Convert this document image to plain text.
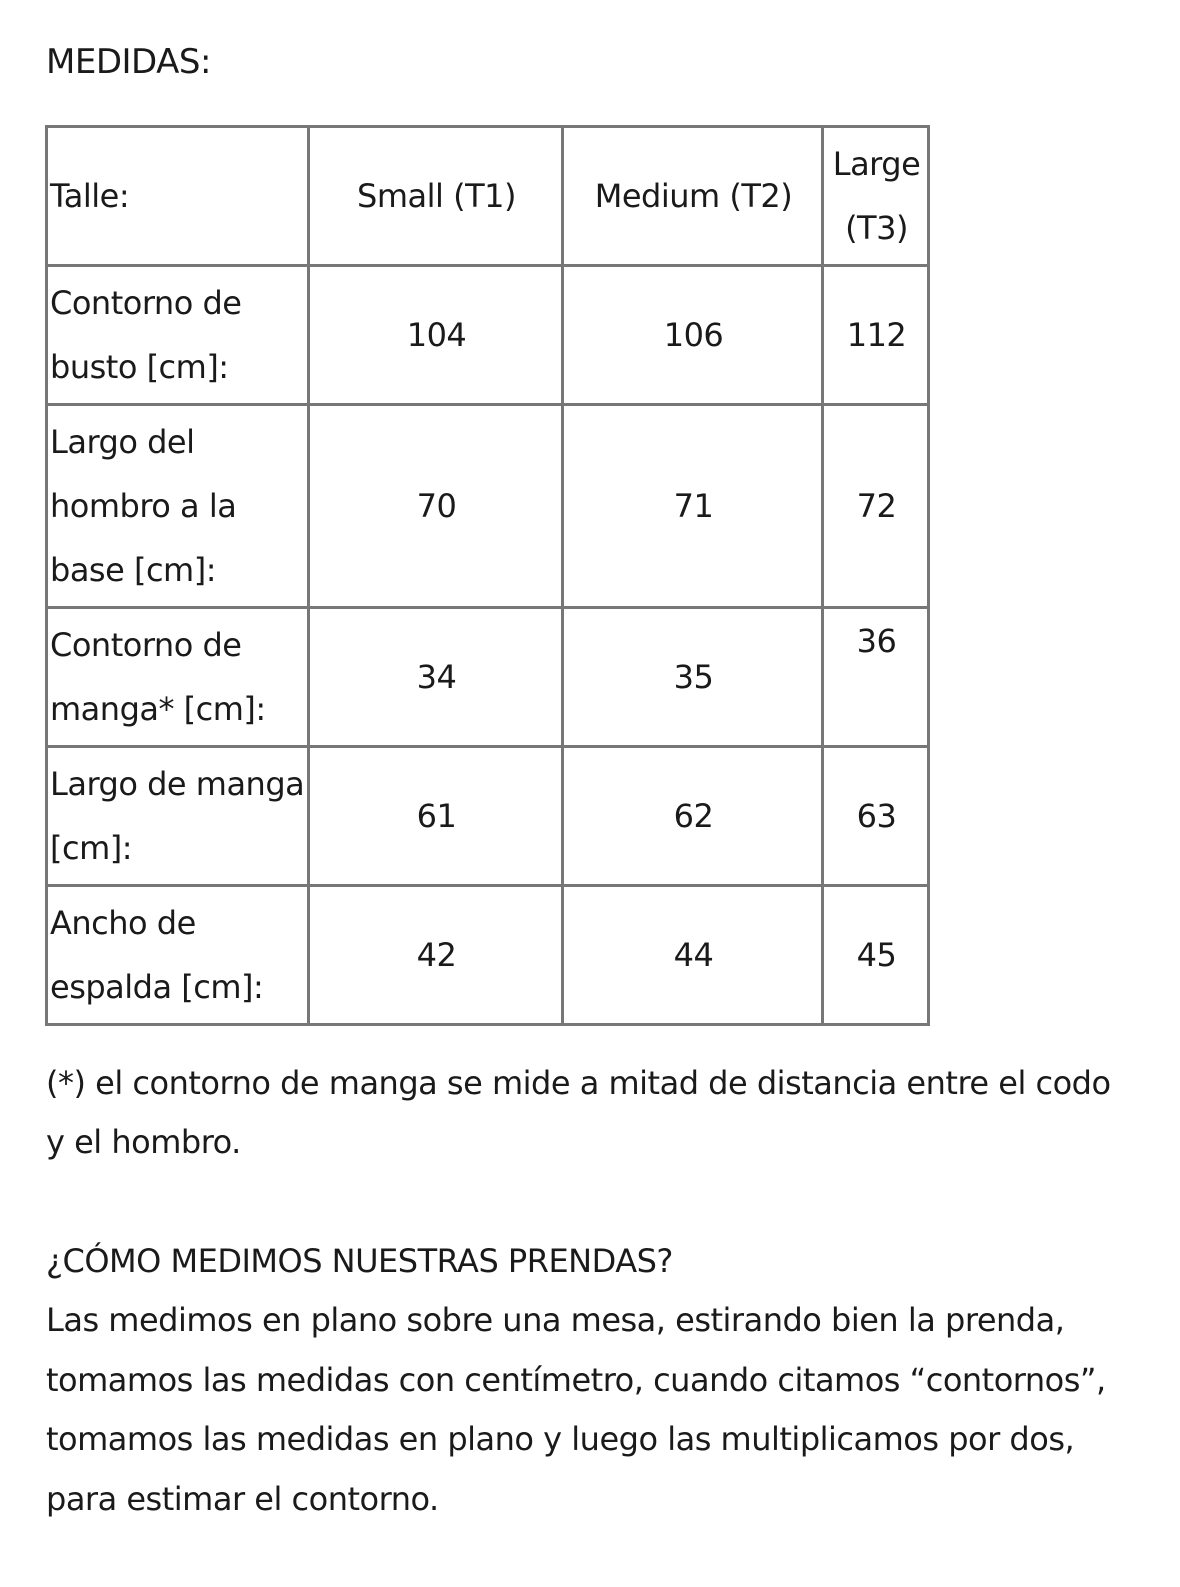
MEDIDAS:
Talle:	Small (T1)	Medium (T2)	Large (T3)
Contorno de busto [cm]:	104	106	112
Largo del hombro a la base [cm]:	70	71	72
Contorno de manga* [cm]:	34	35	36
Largo de manga [cm]:	61	62	63
Ancho de espalda [cm]:	42	44	45

(*) el contorno de manga se mide a mitad de distancia entre el codo y el hombro.

¿CÓMO MEDIMOS NUESTRAS PRENDAS?

Las medimos en plano sobre una mesa, estirando bien la prenda, tomamos las medidas con centímetro, cuando citamos “contornos”, tomamos las medidas en plano y luego las multiplicamos por dos, para estimar el contorno.
